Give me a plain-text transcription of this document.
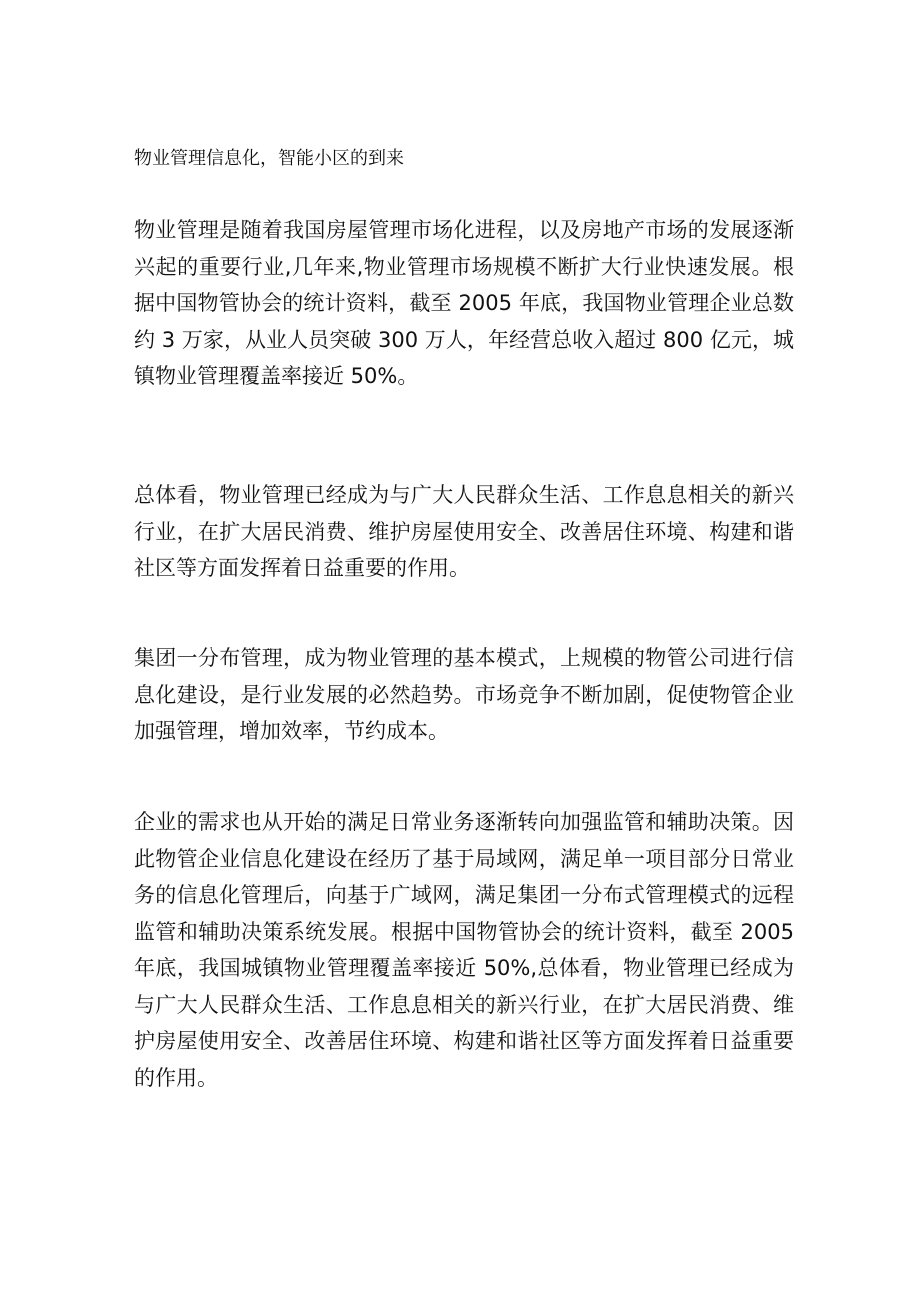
物业管理信息化，智能小区的到来

物业管理是随着我国房屋管理市场化进程，以及房地产市场的发展逐渐兴起的重要行业,几年来,物业管理市场规模不断扩大行业快速发展。根据中国物管协会的统计资料，截至 2005 年底，我国物业管理企业总数约 3 万家，从业人员突破 300 万人，年经营总收入超过 800 亿元，城镇物业管理覆盖率接近 50%。

总体看，物业管理已经成为与广大人民群众生活、工作息息相关的新兴行业，在扩大居民消费、维护房屋使用安全、改善居住环境、构建和谐社区等方面发挥着日益重要的作用。

集团一分布管理，成为物业管理的基本模式，上规模的物管公司进行信息化建设，是行业发展的必然趋势。市场竞争不断加剧，促使物管企业加强管理，增加效率，节约成本。

企业的需求也从开始的满足日常业务逐渐转向加强监管和辅助决策。因此物管企业信息化建设在经历了基于局域网，满足单一项目部分日常业务的信息化管理后，向基于广域网，满足集团一分布式管理模式的远程监管和辅助决策系统发展。根据中国物管协会的统计资料，截至 2005 年底，我国城镇物业管理覆盖率接近 50%,总体看，物业管理已经成为与广大人民群众生活、工作息息相关的新兴行业，在扩大居民消费、维护房屋使用安全、改善居住环境、构建和谐社区等方面发挥着日益重要的作用。
